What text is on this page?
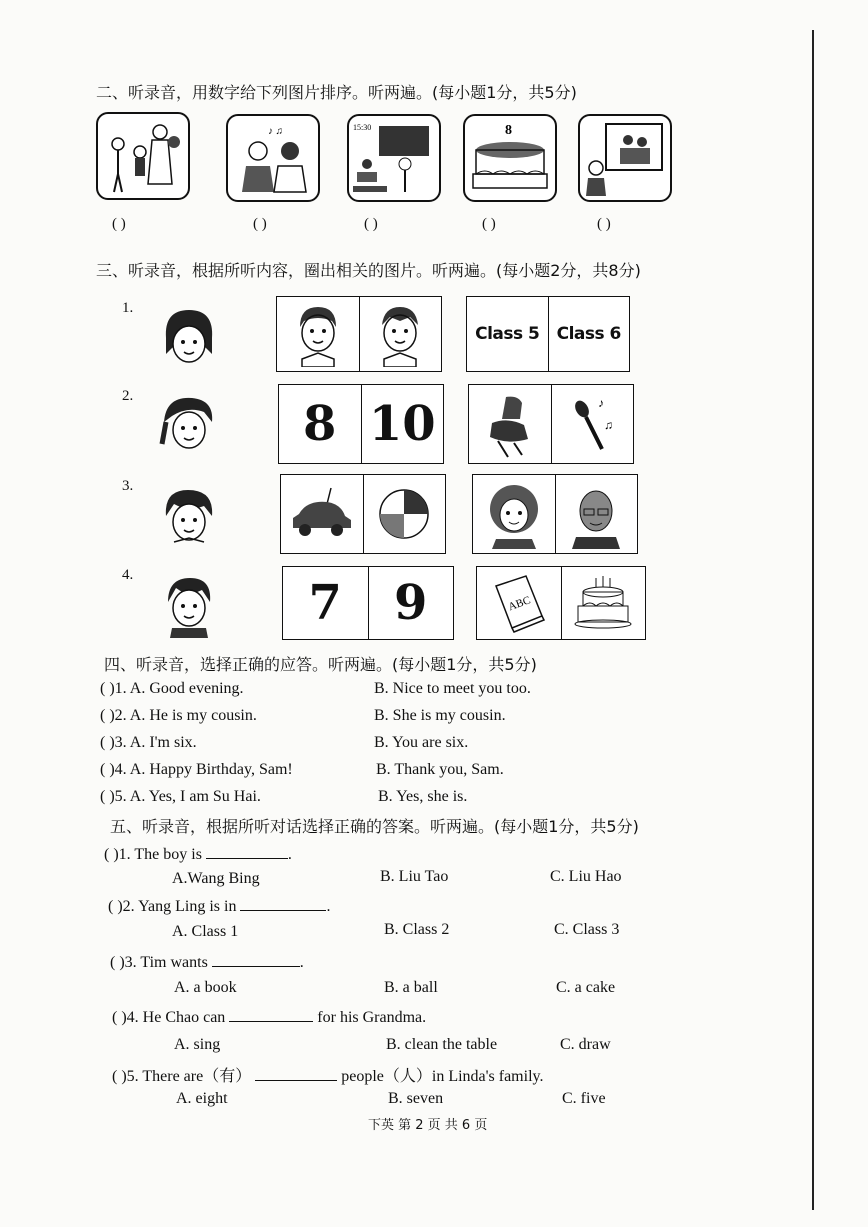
二、听录音，用数字给下列图片排序。听两遍。(每小题1分，共5分)
♪ ♫	15:30	8
( )	( )	( )	( )	( )
三、听录音，根据所听内容，圈出相关的图片。听两遍。(每小题2分，共8分)
1.
Class 5 Class 6
2.	8 10	♪
♫
3.
4.	7 9	ABC
四、听录音，选择正确的应答。听两遍。(每小题1分，共5分)
( )1. A. Good evening.	B. Nice to meet you too.
( )2. A. He is my cousin.	B. She is my cousin.
( )3. A. I'm six.	B. You are six.
( )4. A. Happy Birthday, Sam!	B. Thank you, Sam.
( )5. A. Yes, I am Su Hai.	B. Yes, she is.
五、听录音，根据所听对话选择正确的答案。听两遍。(每小题1分，共5分)
( )1. The boy is	.
A.Wang Bing	B. Liu Tao	C. Liu Hao
( )2. Yang Ling is in	.
A. Class 1	B. Class 2	C. Class 3
( )3. Tim wants	.
A. a book	B. a ball	C. a cake
( )4. He Chao can	for his Grandma.
A. sing	B. clean the table	C. draw
( )5. There are（有）	people（人）in Linda's family.
A. eight	B. seven	C. five
下英 第 2 页 共 6 页
